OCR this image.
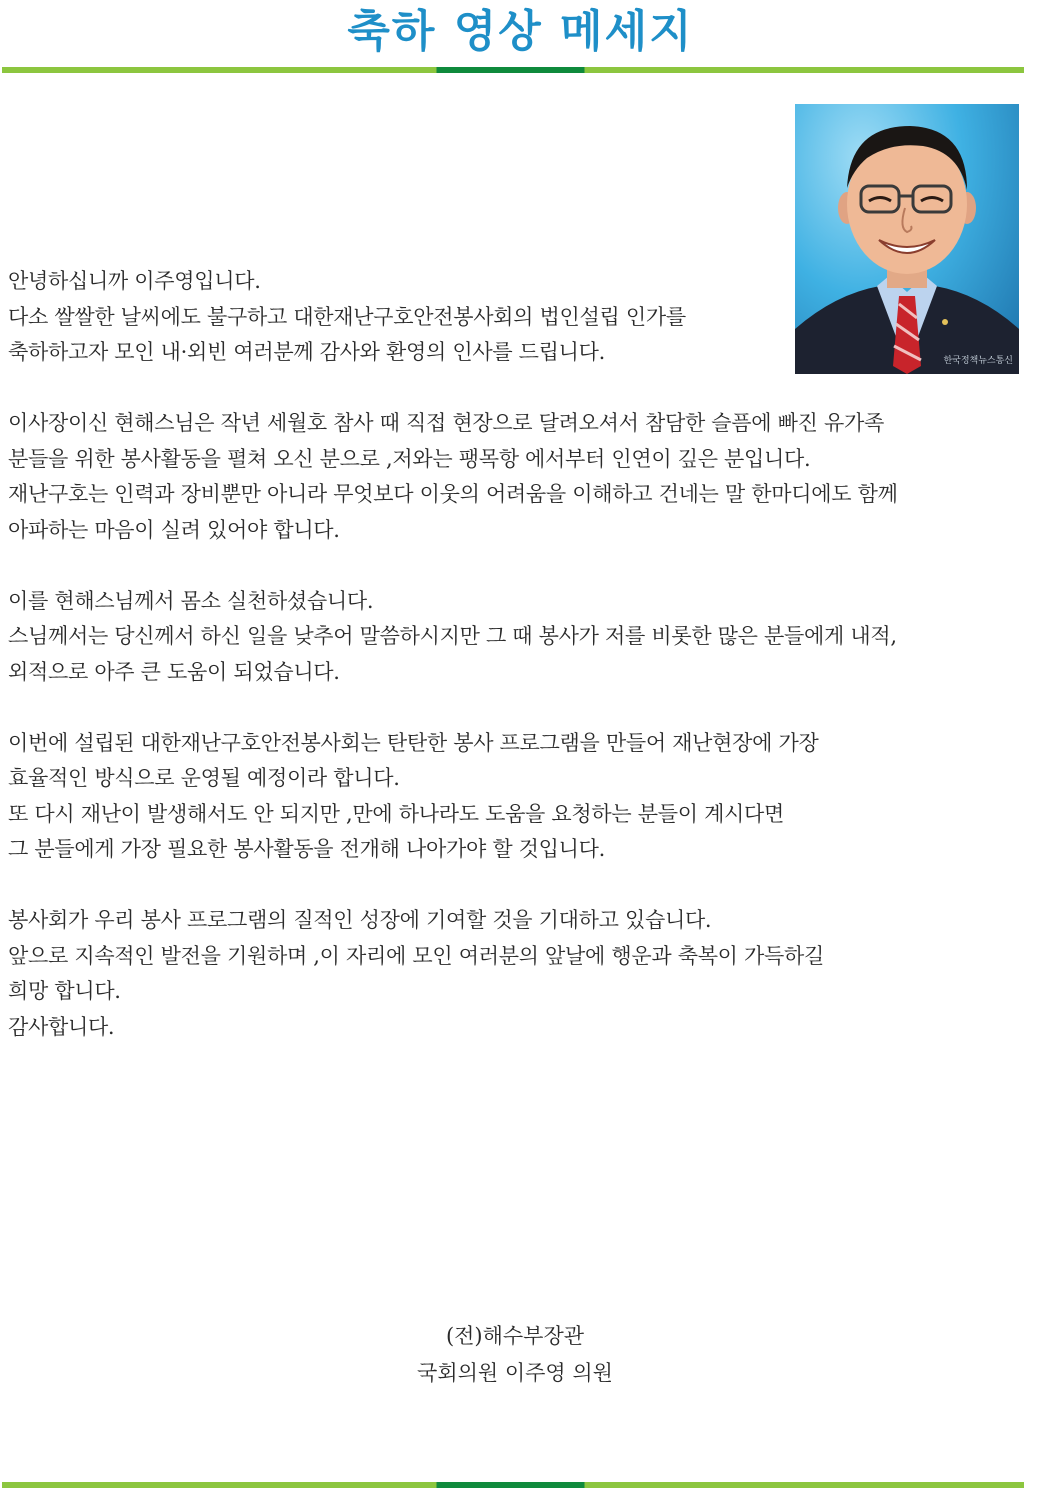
축하 영상 메세지
한국정책뉴스통신

안녕하십니까 이주영입니다.
다소 쌀쌀한 날씨에도 불구하고 대한재난구호안전봉사회의 법인설립 인가를
축하하고자 모인 내·외빈 여러분께 감사와 환영의 인사를 드립니다.

이사장이신 현해스님은 작년 세월호 참사 때 직접 현장으로 달려오셔서 참담한 슬픔에 빠진 유가족
분들을 위한 봉사활동을 펼쳐 오신 분으로 ,저와는 팽목항 에서부터 인연이 깊은 분입니다.
재난구호는 인력과 장비뿐만 아니라 무엇보다 이웃의 어려움을 이해하고 건네는 말 한마디에도 함께
아파하는 마음이 실려 있어야 합니다.

이를 현해스님께서 몸소 실천하셨습니다.
스님께서는 당신께서 하신 일을 낮추어 말씀하시지만 그 때 봉사가 저를 비롯한 많은 분들에게 내적,
외적으로 아주 큰 도움이 되었습니다.

이번에 설립된 대한재난구호안전봉사회는 탄탄한 봉사 프로그램을 만들어 재난현장에 가장
효율적인 방식으로 운영될 예정이라 합니다.
또 다시 재난이 발생해서도 안 되지만 ,만에 하나라도 도움을 요청하는 분들이 계시다면
그 분들에게 가장 필요한 봉사활동을 전개해 나아가야 할 것입니다.

봉사회가 우리 봉사 프로그램의 질적인 성장에 기여할 것을 기대하고 있습니다.
앞으로 지속적인 발전을 기원하며 ,이 자리에 모인 여러분의 앞날에 행운과 축복이 가득하길
희망 합니다.
감사합니다.

(전)해수부장관
국회의원 이주영 의원
